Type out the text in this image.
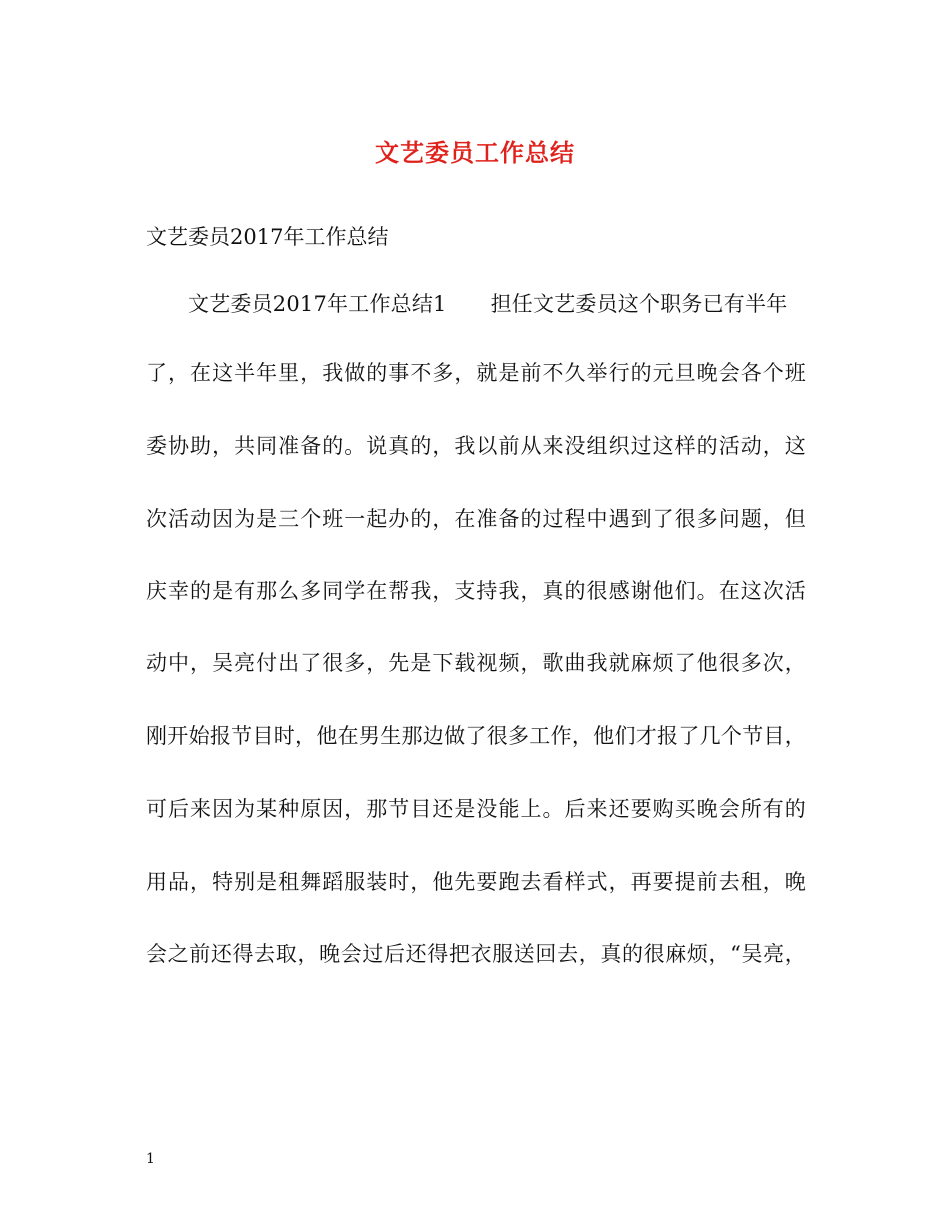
文艺委员工作总结
文艺委员2017年工作总结
文艺委员2017年工作总结1 担任文艺委员这个职务已有半年
了，在这半年里，我做的事不多，就是前不久举行的元旦晚会各个班
委协助，共同准备的。说真的，我以前从来没组织过这样的活动，这
次活动因为是三个班一起办的，在准备的过程中遇到了很多问题，但
庆幸的是有那么多同学在帮我，支持我，真的很感谢他们。在这次活
动中，吴亮付出了很多，先是下载视频，歌曲我就麻烦了他很多次，
刚开始报节目时，他在男生那边做了很多工作，他们才报了几个节目，
可后来因为某种原因，那节目还是没能上。后来还要购买晚会所有的
用品，特别是租舞蹈服装时，他先要跑去看样式，再要提前去租，晚
会之前还得去取，晚会过后还得把衣服送回去，真的很麻烦，“吴亮，
1
